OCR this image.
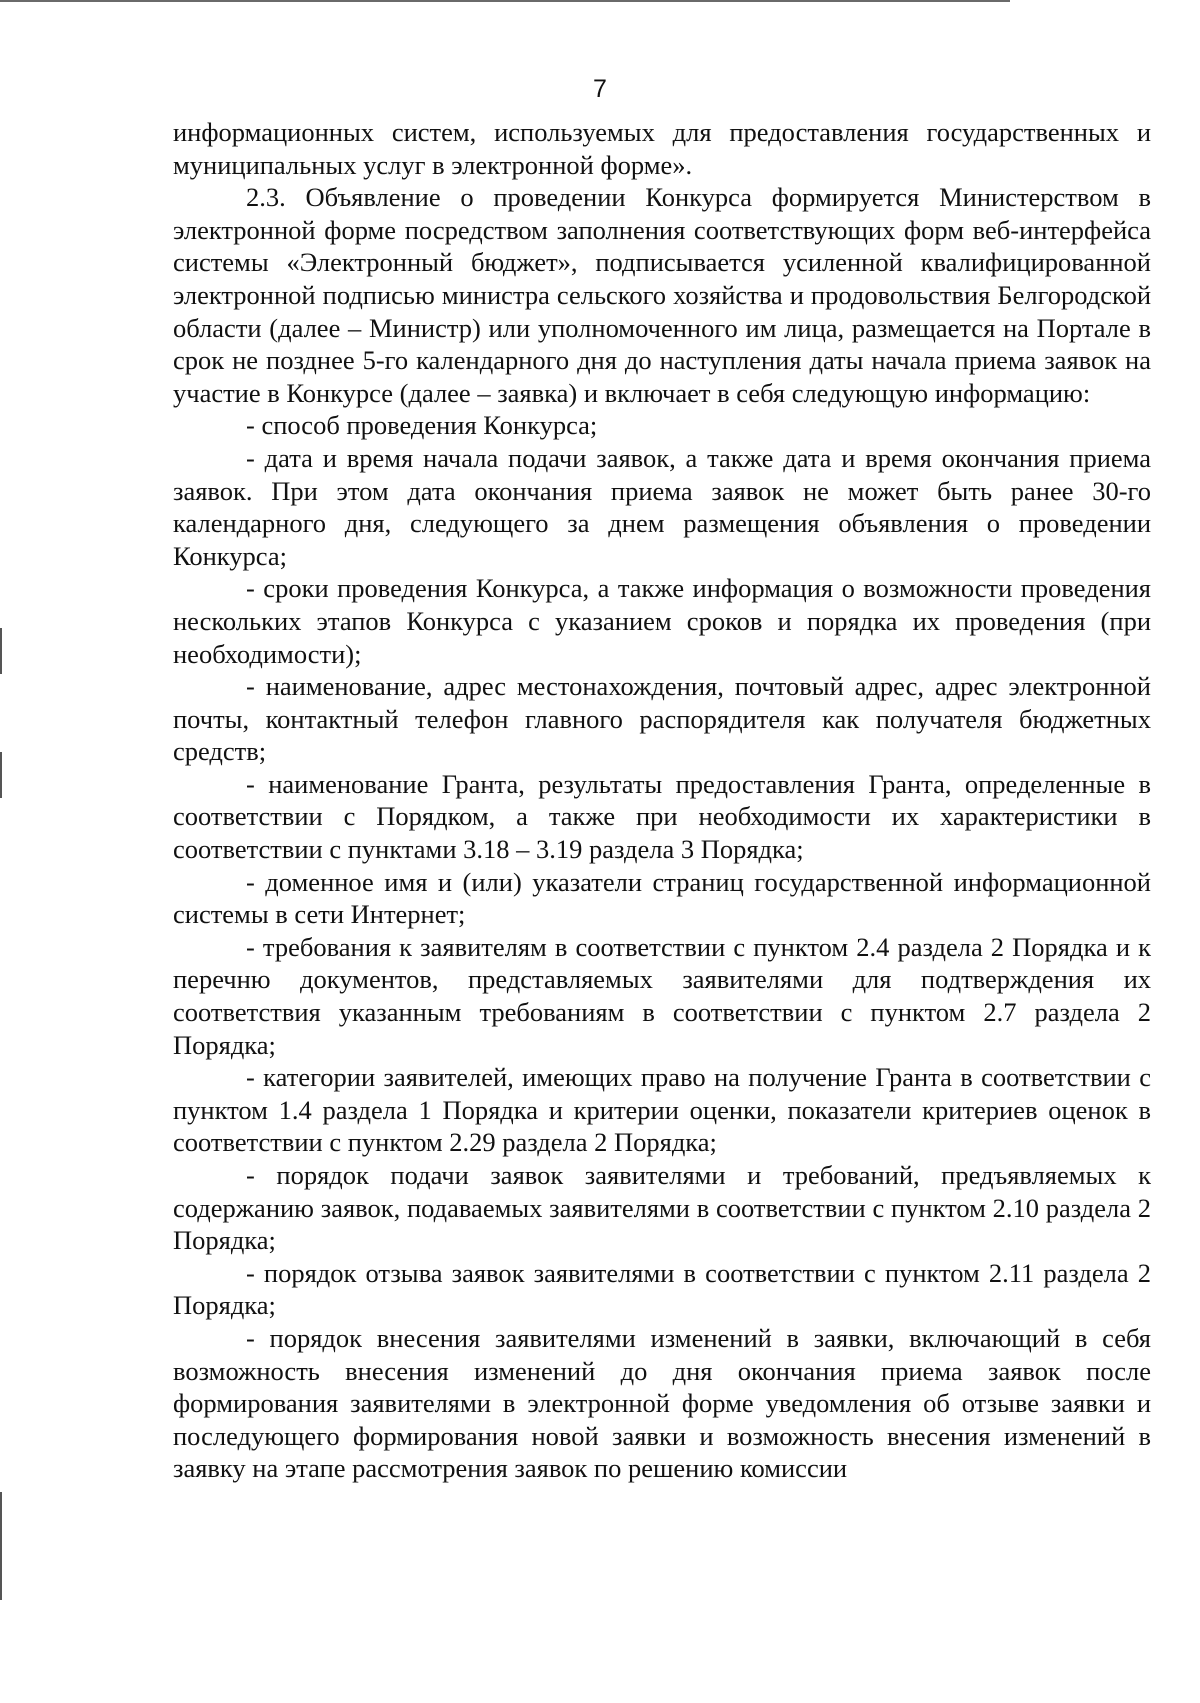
7

информационных систем, используемых для предоставления государственных и муниципальных услуг в электронной форме».

2.3. Объявление о проведении Конкурса формируется Министерством в электронной форме посредством заполнения соответствующих форм веб-интерфейса системы «Электронный бюджет», подписывается усиленной квалифицированной электронной подписью министра сельского хозяйства и продовольствия Белгородской области (далее – Министр) или уполномоченного им лица, размещается на Портале в срок не позднее 5-го календарного дня до наступления даты начала приема заявок на участие в Конкурсе (далее – заявка) и включает в себя следующую информацию:

- способ проведения Конкурса;

- дата и время начала подачи заявок, а также дата и время окончания приема заявок. При этом дата окончания приема заявок не может быть ранее 30-го календарного дня, следующего за днем размещения объявления о проведении Конкурса;

- сроки проведения Конкурса, а также информация о возможности проведения нескольких этапов Конкурса с указанием сроков и порядка их проведения (при необходимости);

- наименование, адрес местонахождения, почтовый адрес, адрес электронной почты, контактный телефон главного распорядителя как получателя бюджетных средств;

- наименование Гранта, результаты предоставления Гранта, определенные в соответствии с Порядком, а также при необходимости их характеристики в соответствии с пунктами 3.18 – 3.19 раздела 3 Порядка;

- доменное имя и (или) указатели страниц государственной информационной системы в сети Интернет;

- требования к заявителям в соответствии с пунктом 2.4 раздела 2 Порядка и к перечню документов, представляемых заявителями для подтверждения их соответствия указанным требованиям в соответствии с пунктом 2.7 раздела 2 Порядка;

- категории заявителей, имеющих право на получение Гранта в соответствии с пунктом 1.4 раздела 1 Порядка и критерии оценки, показатели критериев оценок в соответствии с пунктом 2.29 раздела 2 Порядка;

- порядок подачи заявок заявителями и требований, предъявляемых к содержанию заявок, подаваемых заявителями в соответствии с пунктом 2.10 раздела 2 Порядка;

- порядок отзыва заявок заявителями в соответствии с пунктом 2.11 раздела 2 Порядка;

- порядок внесения заявителями изменений в заявки, включающий в себя возможность внесения изменений до дня окончания приема заявок после формирования заявителями в электронной форме уведомления об отзыве заявки и последующего формирования новой заявки и возможность внесения изменений в заявку на этапе рассмотрения заявок по решению комиссии
